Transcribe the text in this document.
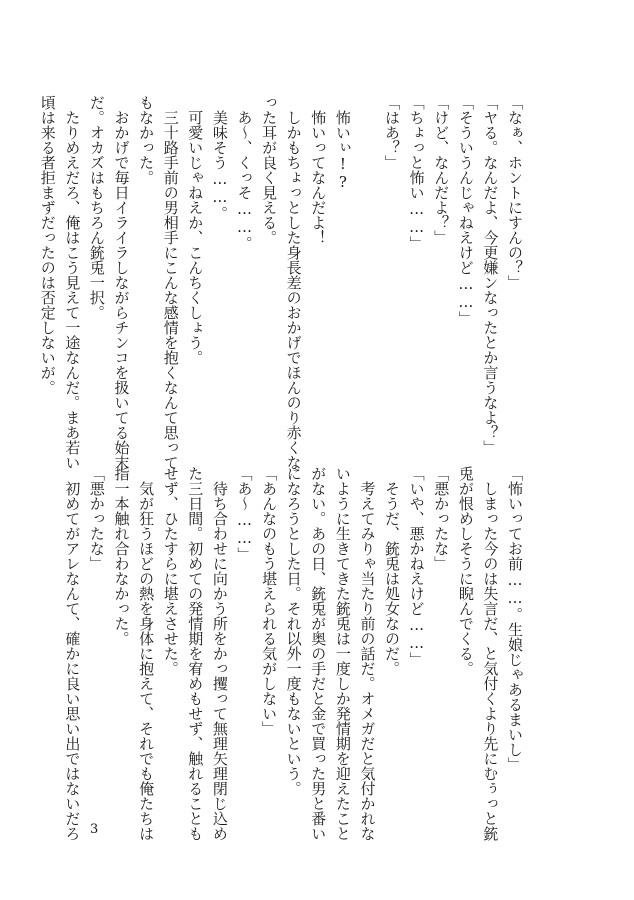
「なぁ、ホントにすんの？」
「ヤる。なんだよ、今更嫌ンなったとか言うなよ？」
「そういうんじゃねえけど……」
「けど、なんだよ？」
「ちょっと怖い……」
「はあ？」
　怖いぃ!?
　怖いってなんだよ！
　しかもちょっとした身長差のおかげでほんのり赤くな
った耳が良く見える。
　あ〜、くっそ……。
　美味そう……。
　可愛いじゃねえか、こんちくしょう。
　三十路手前の男相手にこんな感情を抱くなんて思って
もなかった。
　おかげで毎日イライラしながらチンコを扱いてる始末
だ。オカズはもちろん銃兎一択。
　たりめえだろ、俺はこう見えて一途なんだ。まあ若い
頃は来る者拒まずだったのは否定しないが。
「怖いってお前……。生娘じゃあるまいし」
　しまった今のは失言だ、と気付くより先にむぅっと銃
兎が恨めしそうに睨んでくる。
「悪かったな」
「いや、悪かねえけど……」
　そうだ、銃兎は処女なのだ。
　考えてみりゃ当たり前の話だ。オメガだと気付かれな
いように生きてきた銃兎は一度しか発情期を迎えたこと
がない。あの日、銃兎が奥の手だと金で買った男と番い
になろうとした日。それ以外一度もないという。
「あんなのもう堪えられる気がしない」
「あ〜……」
　待ち合わせに向かう所をかっ攫って無理矢理閉じ込め
た三日間。初めての発情期を宥めもせず、触れることも
せず、ひたすらに堪えさせた。
　気が狂うほどの熱を身体に抱えて、それでも俺たちは
指一本触れ合わなかった。
「悪かったな」
　初めてがアレなんて、確かに良い思い出ではないだろ 3
